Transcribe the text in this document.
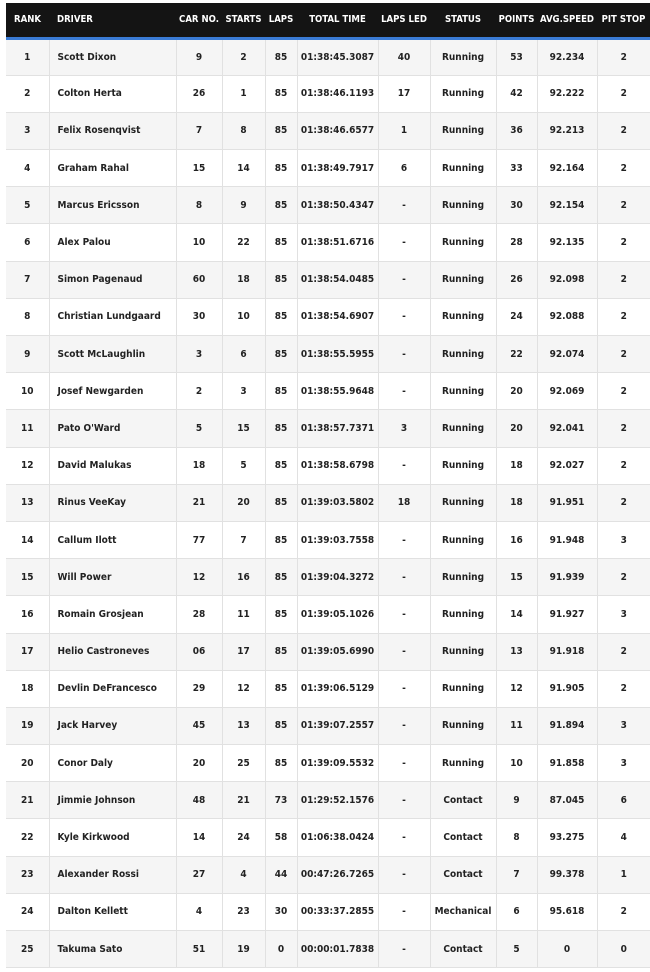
RANK	DRIVER	CAR NO.	STARTS	LAPS	TOTAL TIME	LAPS LED	STATUS	POINTS	AVG.SPEED	PIT STOP
1	Scott Dixon	9	2	85	01:38:45.3087	40	Running	53	92.234	2
2	Colton Herta	26	1	85	01:38:46.1193	17	Running	42	92.222	2
3	Felix Rosenqvist	7	8	85	01:38:46.6577	1	Running	36	92.213	2
4	Graham Rahal	15	14	85	01:38:49.7917	6	Running	33	92.164	2
5	Marcus Ericsson	8	9	85	01:38:50.4347	-	Running	30	92.154	2
6	Alex Palou	10	22	85	01:38:51.6716	-	Running	28	92.135	2
7	Simon Pagenaud	60	18	85	01:38:54.0485	-	Running	26	92.098	2
8	Christian Lundgaard	30	10	85	01:38:54.6907	-	Running	24	92.088	2
9	Scott McLaughlin	3	6	85	01:38:55.5955	-	Running	22	92.074	2
10	Josef Newgarden	2	3	85	01:38:55.9648	-	Running	20	92.069	2
11	Pato O'Ward	5	15	85	01:38:57.7371	3	Running	20	92.041	2
12	David Malukas	18	5	85	01:38:58.6798	-	Running	18	92.027	2
13	Rinus VeeKay	21	20	85	01:39:03.5802	18	Running	18	91.951	2
14	Callum Ilott	77	7	85	01:39:03.7558	-	Running	16	91.948	3
15	Will Power	12	16	85	01:39:04.3272	-	Running	15	91.939	2
16	Romain Grosjean	28	11	85	01:39:05.1026	-	Running	14	91.927	3
17	Helio Castroneves	06	17	85	01:39:05.6990	-	Running	13	91.918	2
18	Devlin DeFrancesco	29	12	85	01:39:06.5129	-	Running	12	91.905	2
19	Jack Harvey	45	13	85	01:39:07.2557	-	Running	11	91.894	3
20	Conor Daly	20	25	85	01:39:09.5532	-	Running	10	91.858	3
21	Jimmie Johnson	48	21	73	01:29:52.1576	-	Contact	9	87.045	6
22	Kyle Kirkwood	14	24	58	01:06:38.0424	-	Contact	8	93.275	4
23	Alexander Rossi	27	4	44	00:47:26.7265	-	Contact	7	99.378	1
24	Dalton Kellett	4	23	30	00:33:37.2855	-	Mechanical	6	95.618	2
25	Takuma Sato	51	19	0	00:00:01.7838	-	Contact	5	0	0
